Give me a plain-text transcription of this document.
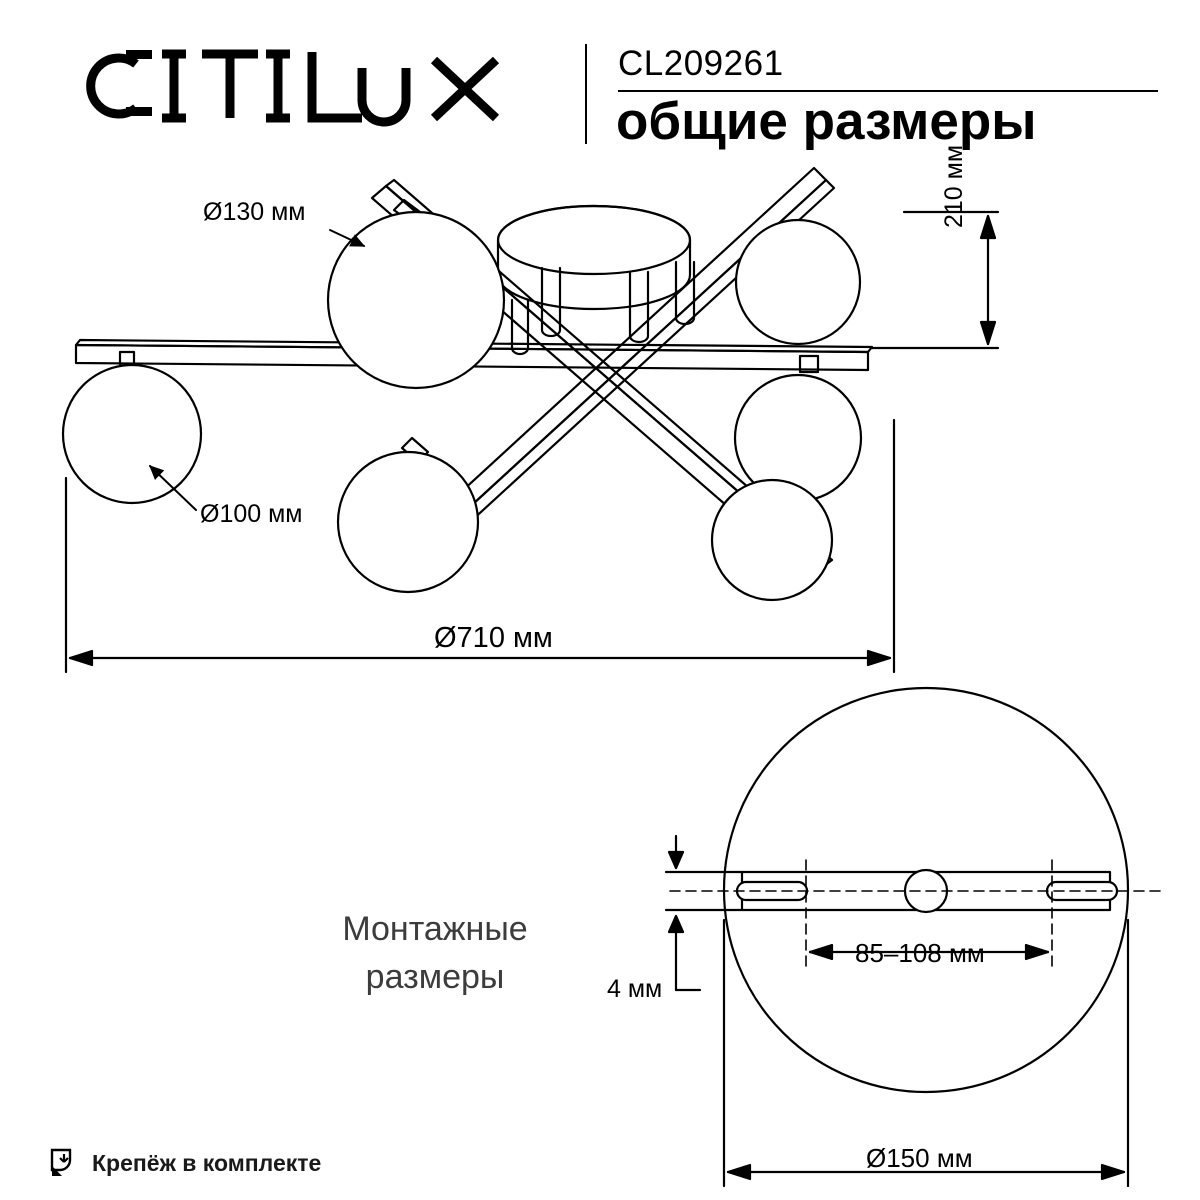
CL209261
общие размеры
Ø130 мм
Ø100 мм
Ø710 мм
210 мм
85–108 мм
4 мм
Ø150 мм
Монтажные
размеры
Крепёж в комплекте
